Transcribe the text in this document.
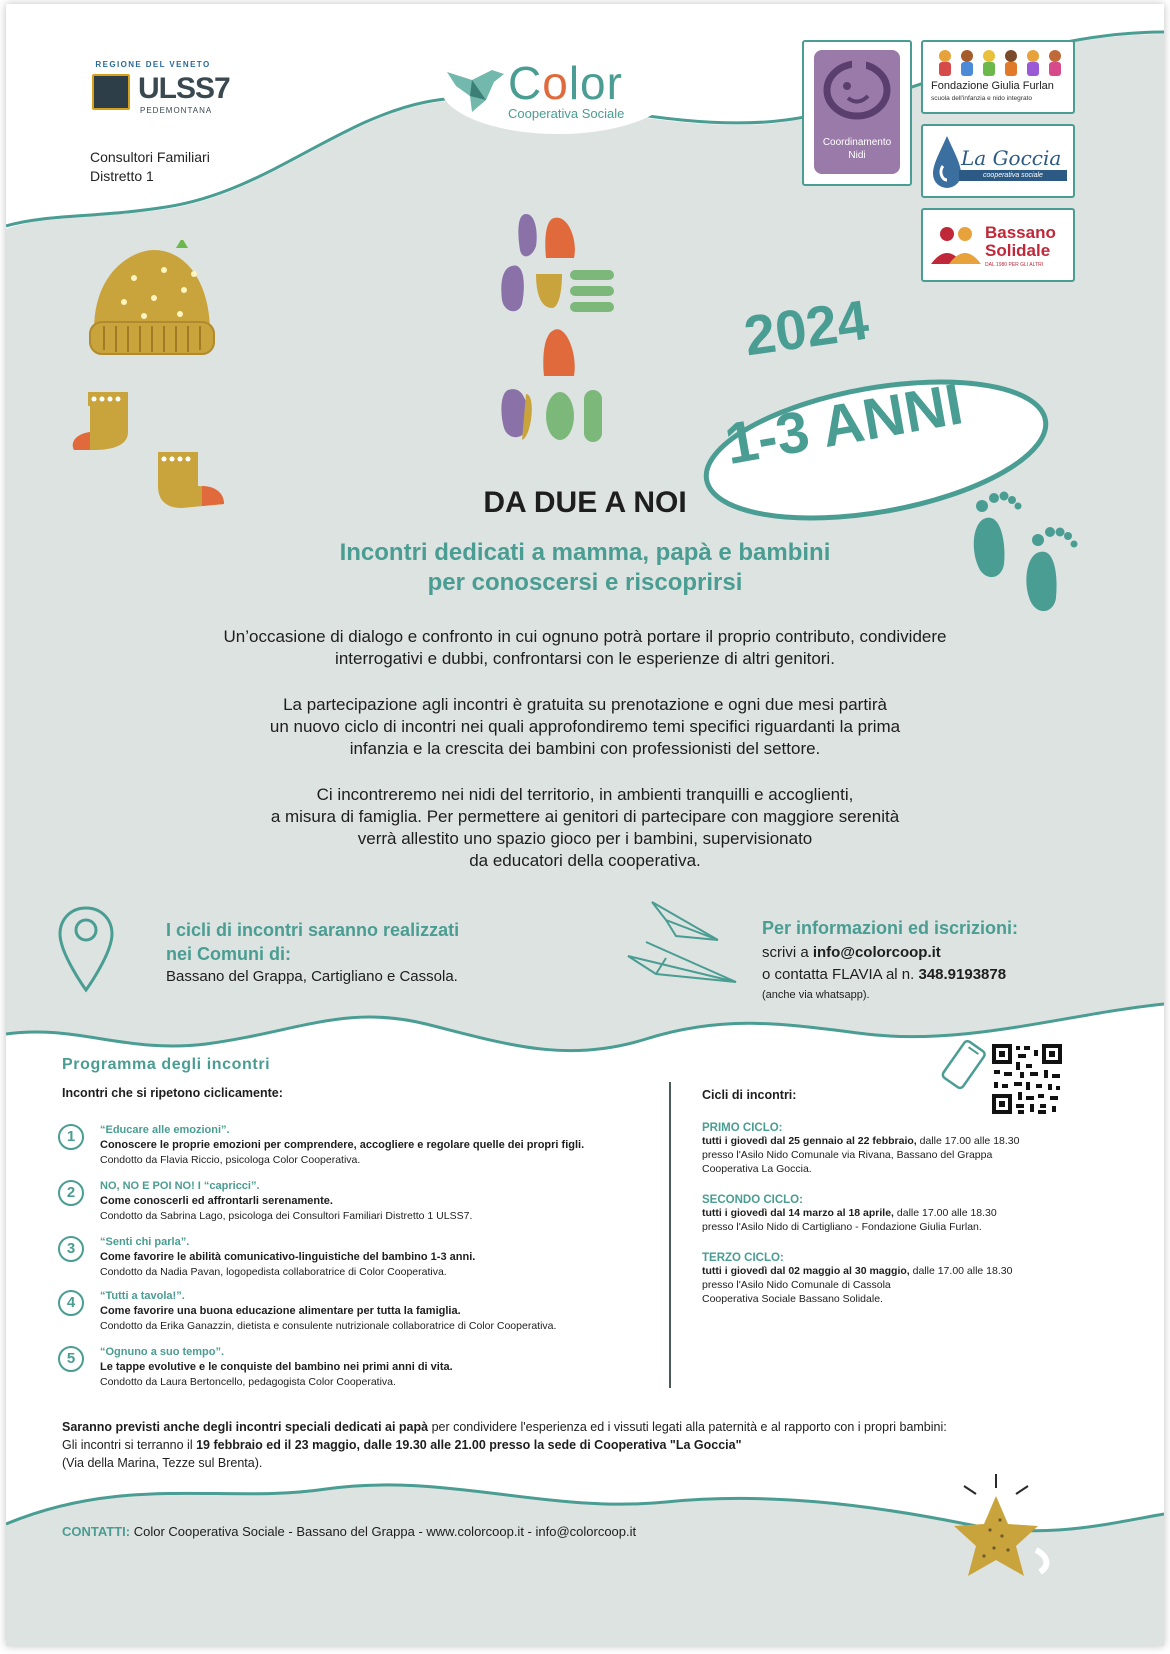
REGIONE DEL VENETO
ULSS7
PEDEMONTANA
Consultori Familiari
Distretto 1
Color
Cooperativa Sociale
Coordinamento
Nidi
Fondazione Giulia Furlan
scuola dell'infanzia e nido integrato
La Goccia
cooperativa sociale
Bassano
Solidale
DAL 1980 PER GLI ALTRI
2024
1-3 ANNI
DA DUE A NOI
Incontri dedicati a mamma, papà e bambini
per conoscersi e riscoprirsi
Un’occasione di dialogo e confronto in cui ognuno potrà portare il proprio contributo, condividere
interrogativi e dubbi, confrontarsi con le esperienze di altri genitori.
La partecipazione agli incontri è gratuita su prenotazione e ogni due mesi partirà
un nuovo ciclo di incontri nei quali approfondiremo temi specifici riguardanti la prima
infanzia e la crescita dei bambini con professionisti del settore.
Ci incontreremo nei nidi del territorio, in ambienti tranquilli e accoglienti,
a misura di famiglia. Per permettere ai genitori di partecipare con maggiore serenità
verrà allestito uno spazio gioco per i bambini, supervisionato
da educatori della cooperativa.
I cicli di incontri saranno realizzati
nei Comuni di:
Bassano del Grappa, Cartigliano e Cassola.
Per informazioni ed iscrizioni:
scrivi a info@colorcoop.it
o contatta FLAVIA al n. 348.9193878
(anche via whatsapp).
Programma degli incontri
Incontri che si ripetono ciclicamente:
1	“Educare alle emozioni”.
Conoscere le proprie emozioni per comprendere, accogliere e regolare quelle dei propri figli.
Condotto da Flavia Riccio, psicologa Color Cooperativa.
2	NO, NO E POI NO! I “capricci”.
Come conoscerli ed affrontarli serenamente.
Condotto da Sabrina Lago, psicologa dei Consultori Familiari Distretto 1 ULSS7.
3	“Senti chi parla”.
Come favorire le abilità comunicativo-linguistiche del bambino 1-3 anni.
Condotto da Nadia Pavan, logopedista collaboratrice di Color Cooperativa.
4	“Tutti a tavola!”.
Come favorire una buona educazione alimentare per tutta la famiglia.
Condotto da Erika Ganazzin, dietista e consulente nutrizionale collaboratrice di Color Cooperativa.
5	“Ognuno a suo tempo”.
Le tappe evolutive e le conquiste del bambino nei primi anni di vita.
Condotto da Laura Bertoncello, pedagogista Color Cooperativa.
Cicli di incontri:
PRIMO CICLO:
tutti i giovedì dal 25 gennaio al 22 febbraio, dalle 17.00 alle 18.30
presso l'Asilo Nido Comunale via Rivana, Bassano del Grappa
Cooperativa La Goccia.
SECONDO CICLO:
tutti i giovedì dal 14 marzo al 18 aprile, dalle 17.00 alle 18.30
presso l'Asilo Nido di Cartigliano - Fondazione Giulia Furlan.
TERZO CICLO:
tutti i giovedì dal 02 maggio al 30 maggio, dalle 17.00 alle 18.30
presso l'Asilo Nido Comunale di Cassola
Cooperativa Sociale Bassano Solidale.
Saranno previsti anche degli incontri speciali dedicati ai papà per condividere l'esperienza ed i vissuti legati alla paternità e al rapporto con i propri bambini:
Gli incontri si terranno il 19 febbraio ed il 23 maggio, dalle 19.30 alle 21.00 presso la sede di Cooperativa "La Goccia"
(Via della Marina, Tezze sul Brenta).
CONTATTI: Color Cooperativa Sociale - Bassano del Grappa - www.colorcoop.it - info@colorcoop.it
